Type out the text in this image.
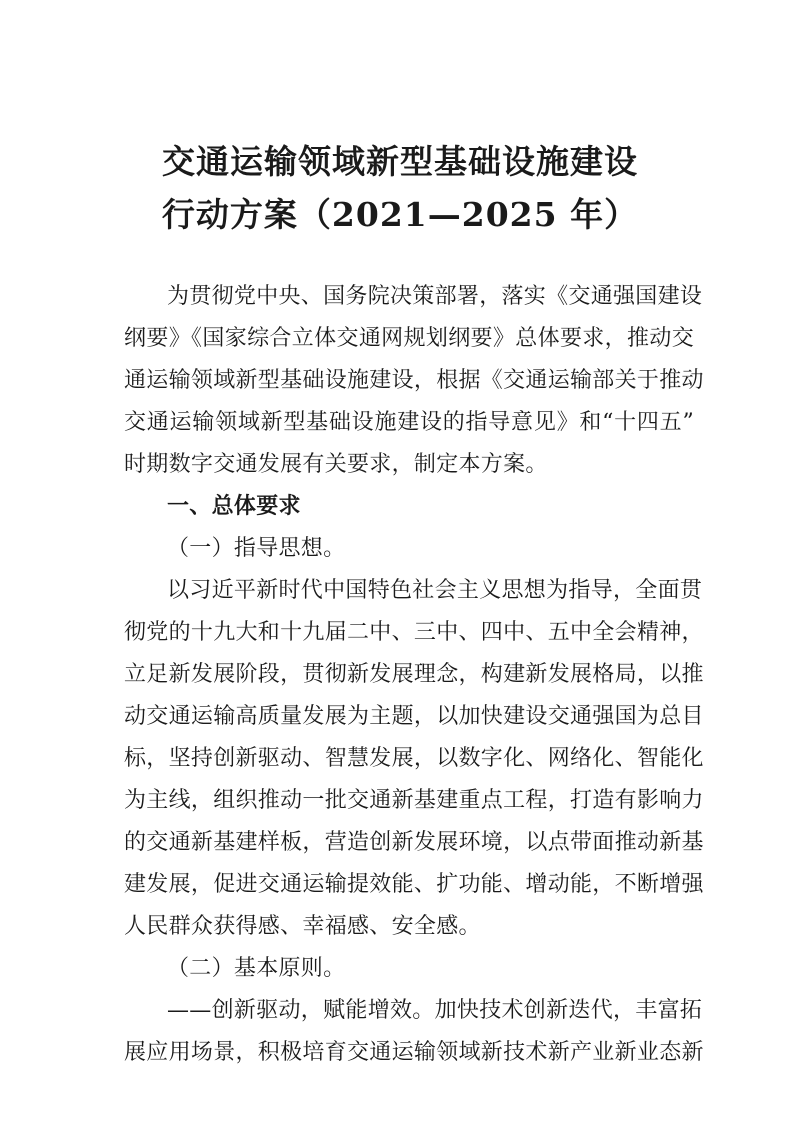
交通运输领域新型基础设施建设
行动方案（2021—2025 年）
为贯彻党中央、国务院决策部署，落实《交通强国建设
纲要》《国家综合立体交通网规划纲要》总体要求，推动交
通运输领域新型基础设施建设，根据《交通运输部关于推动
交通运输领域新型基础设施建设的指导意见》和“十四五”
时期数字交通发展有关要求，制定本方案。
一、总体要求
（一）指导思想。
以习近平新时代中国特色社会主义思想为指导，全面贯
彻党的十九大和十九届二中、三中、四中、五中全会精神，
立足新发展阶段，贯彻新发展理念，构建新发展格局，以推
动交通运输高质量发展为主题，以加快建设交通强国为总目
标，坚持创新驱动、智慧发展，以数字化、网络化、智能化
为主线，组织推动一批交通新基建重点工程，打造有影响力
的交通新基建样板，营造创新发展环境，以点带面推动新基
建发展，促进交通运输提效能、扩功能、增动能，不断增强
人民群众获得感、幸福感、安全感。
（二）基本原则。
——创新驱动，赋能增效。加快技术创新迭代，丰富拓
展应用场景，积极培育交通运输领域新技术新产业新业态新
